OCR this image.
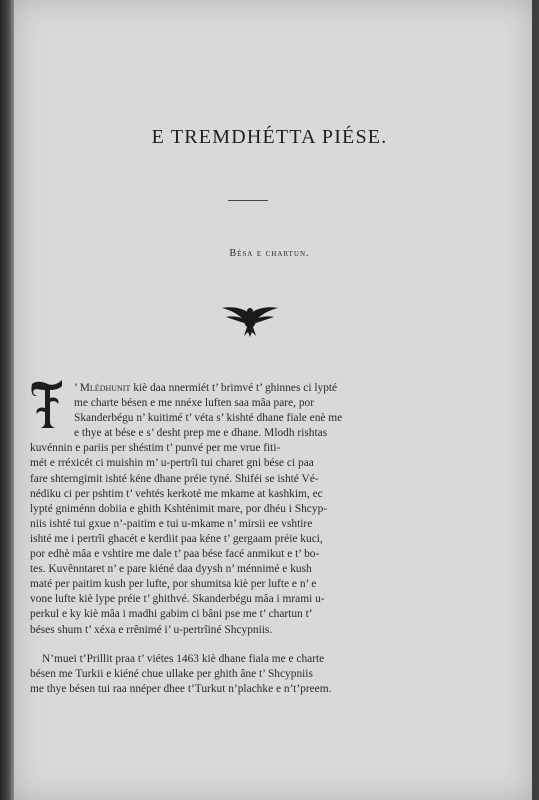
E TREMDHÉTTA PIÉSE.
Bésa e chartun.
’ Mlédhunit kiè daa nnermiét t’ brimvé t’ ghinnes ci lypté
me charte bésen e me nnéxe luften saa mâa pare, por
Skanderbégu n’ kuitimé t’ véta s’ kishté dhane fiale enè me
e thye at bése e s’ desht prep me e dhane. Mlodh rishtas
kuvénnin e pariis per shéstim t’ punvé per me vrue fiti-
mét e rréxicét ci muishin m’ u-pertrîi tui charet gni bése ci paa
fare shterngimit ishté kéne dhane préie tyné. Shiféi se ishté Vé-
nédiku ci per pshtim t’ vehtés kerkoté me mkame at kashkim, ec
lypté gniménn dobiia e ghith Kshténimit mare, por dhéu i Shcyp-
niis ishté tui gxue n’-paitim e tui u-mkame n’ mirsii ee vshtire
ishté me i pertrîi ghacét e kerdiit paa kéne t’ gergaam préie kuci,
por edhè mâa e vshtire me dale t’ paa bése facé anmikut e t’ bo-
tes. Kuvênntaret n’ e pare kiéné daa dyysh n’ ménnimé e kush
maté per paitim kush per lufte, por shumitsa kiè per lufte e n’ e
vone lufte kiè lype préie t’ ghithvé. Skanderbégu mâa i mrami u-
perkul e ky kiè mâa i madhi gabim ci bâni pse me t’ chartun t’
béses shum t’ xéxa e rrênimé i’ u-pertrîiné Shcypniis.
N’muei t’Prillit praa t’ viétes 1463 kiè dhane fiala me e charte
bésen me Turkii e kiéné chue ullake per ghith âne t’ Shcypniis
me thye bésen tui raa nnéper dhee t’Turkut n’plachke e n’t’preem.
